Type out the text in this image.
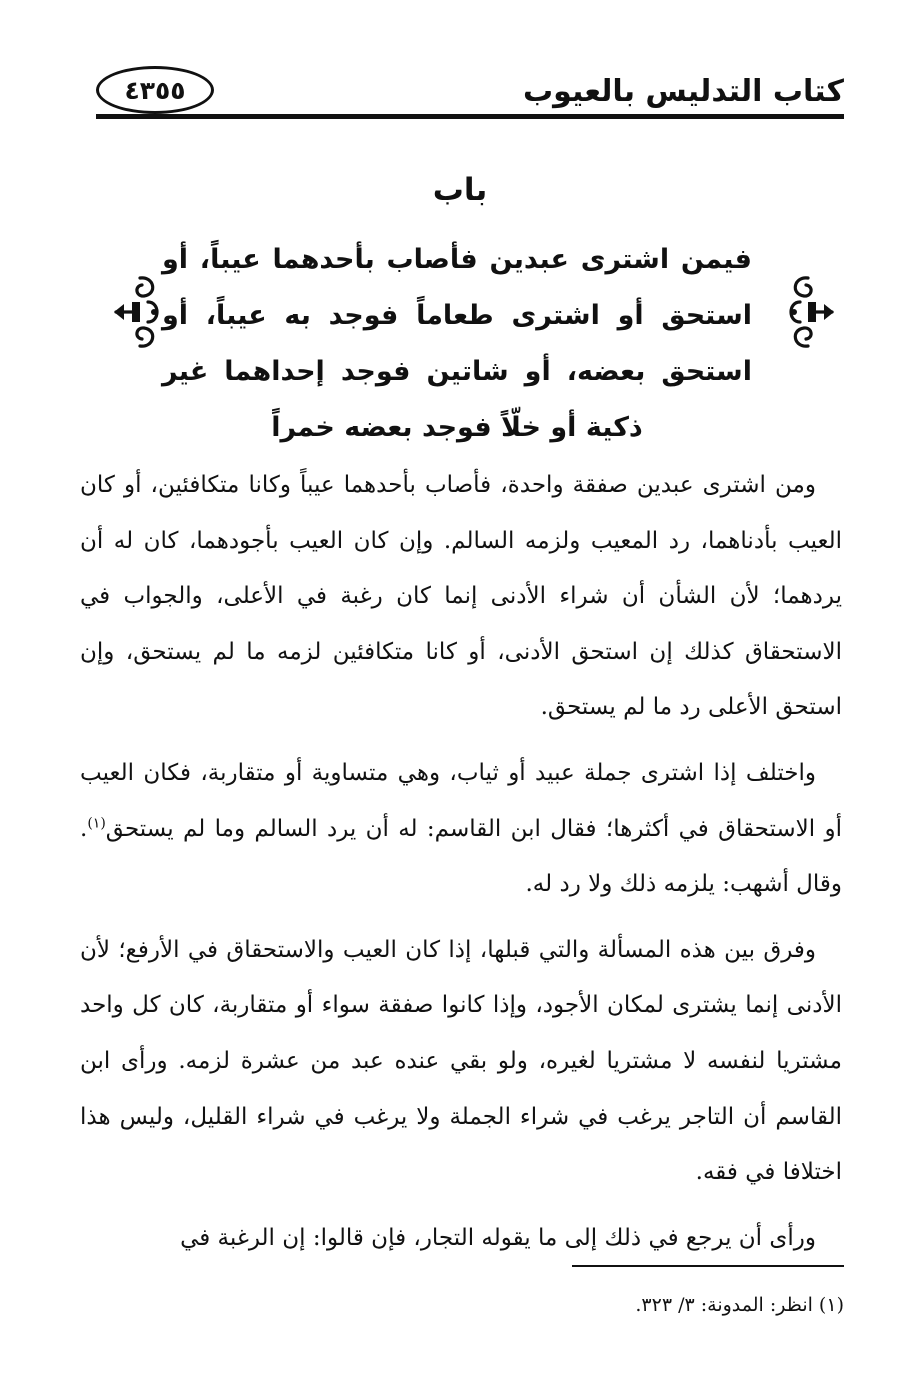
كتاب التدليس بالعيوب
٤٣٥٥
باب
فيمن اشترى عبدين فأصاب بأحدهما عيباً، أو استحق أو اشترى طعاماً فوجد به عيباً، أو استحق بعضه، أو شاتين فوجد إحداهما غير ذكية أو خلّاً فوجد بعضه خمراً

ومن اشترى عبدين صفقة واحدة، فأصاب بأحدهما عيباً وكانا متكافئين، أو كان العيب بأدناهما، رد المعيب ولزمه السالم. وإن كان العيب بأجودهما، كان له أن يردهما؛ لأن الشأن أن شراء الأدنى إنما كان رغبة في الأعلى، والجواب في الاستحقاق كذلك إن استحق الأدنى، أو كانا متكافئين لزمه ما لم يستحق، وإن استحق الأعلى رد ما لم يستحق.

واختلف إذا اشترى جملة عبيد أو ثياب، وهي متساوية أو متقاربة، فكان العيب أو الاستحقاق في أكثرها؛ فقال ابن القاسم: له أن يرد السالم وما لم يستحق$^{(١)}$. وقال أشهب: يلزمه ذلك ولا رد له.

وفرق بين هذه المسألة والتي قبلها، إذا كان العيب والاستحقاق في الأرفع؛ لأن الأدنى إنما يشترى لمكان الأجود، وإذا كانوا صفقة سواء أو متقاربة، كان كل واحد مشتريا لنفسه لا مشتريا لغيره، ولو بقي عنده عبد من عشرة لزمه. ورأى ابن القاسم أن التاجر يرغب في شراء الجملة ولا يرغب في شراء القليل، وليس هذا اختلافا في فقه.

ورأى أن يرجع في ذلك إلى ما يقوله التجار، فإن قالوا: إن الرغبة في

(١) انظر: المدونة: ٣/ ٣٢٣.
